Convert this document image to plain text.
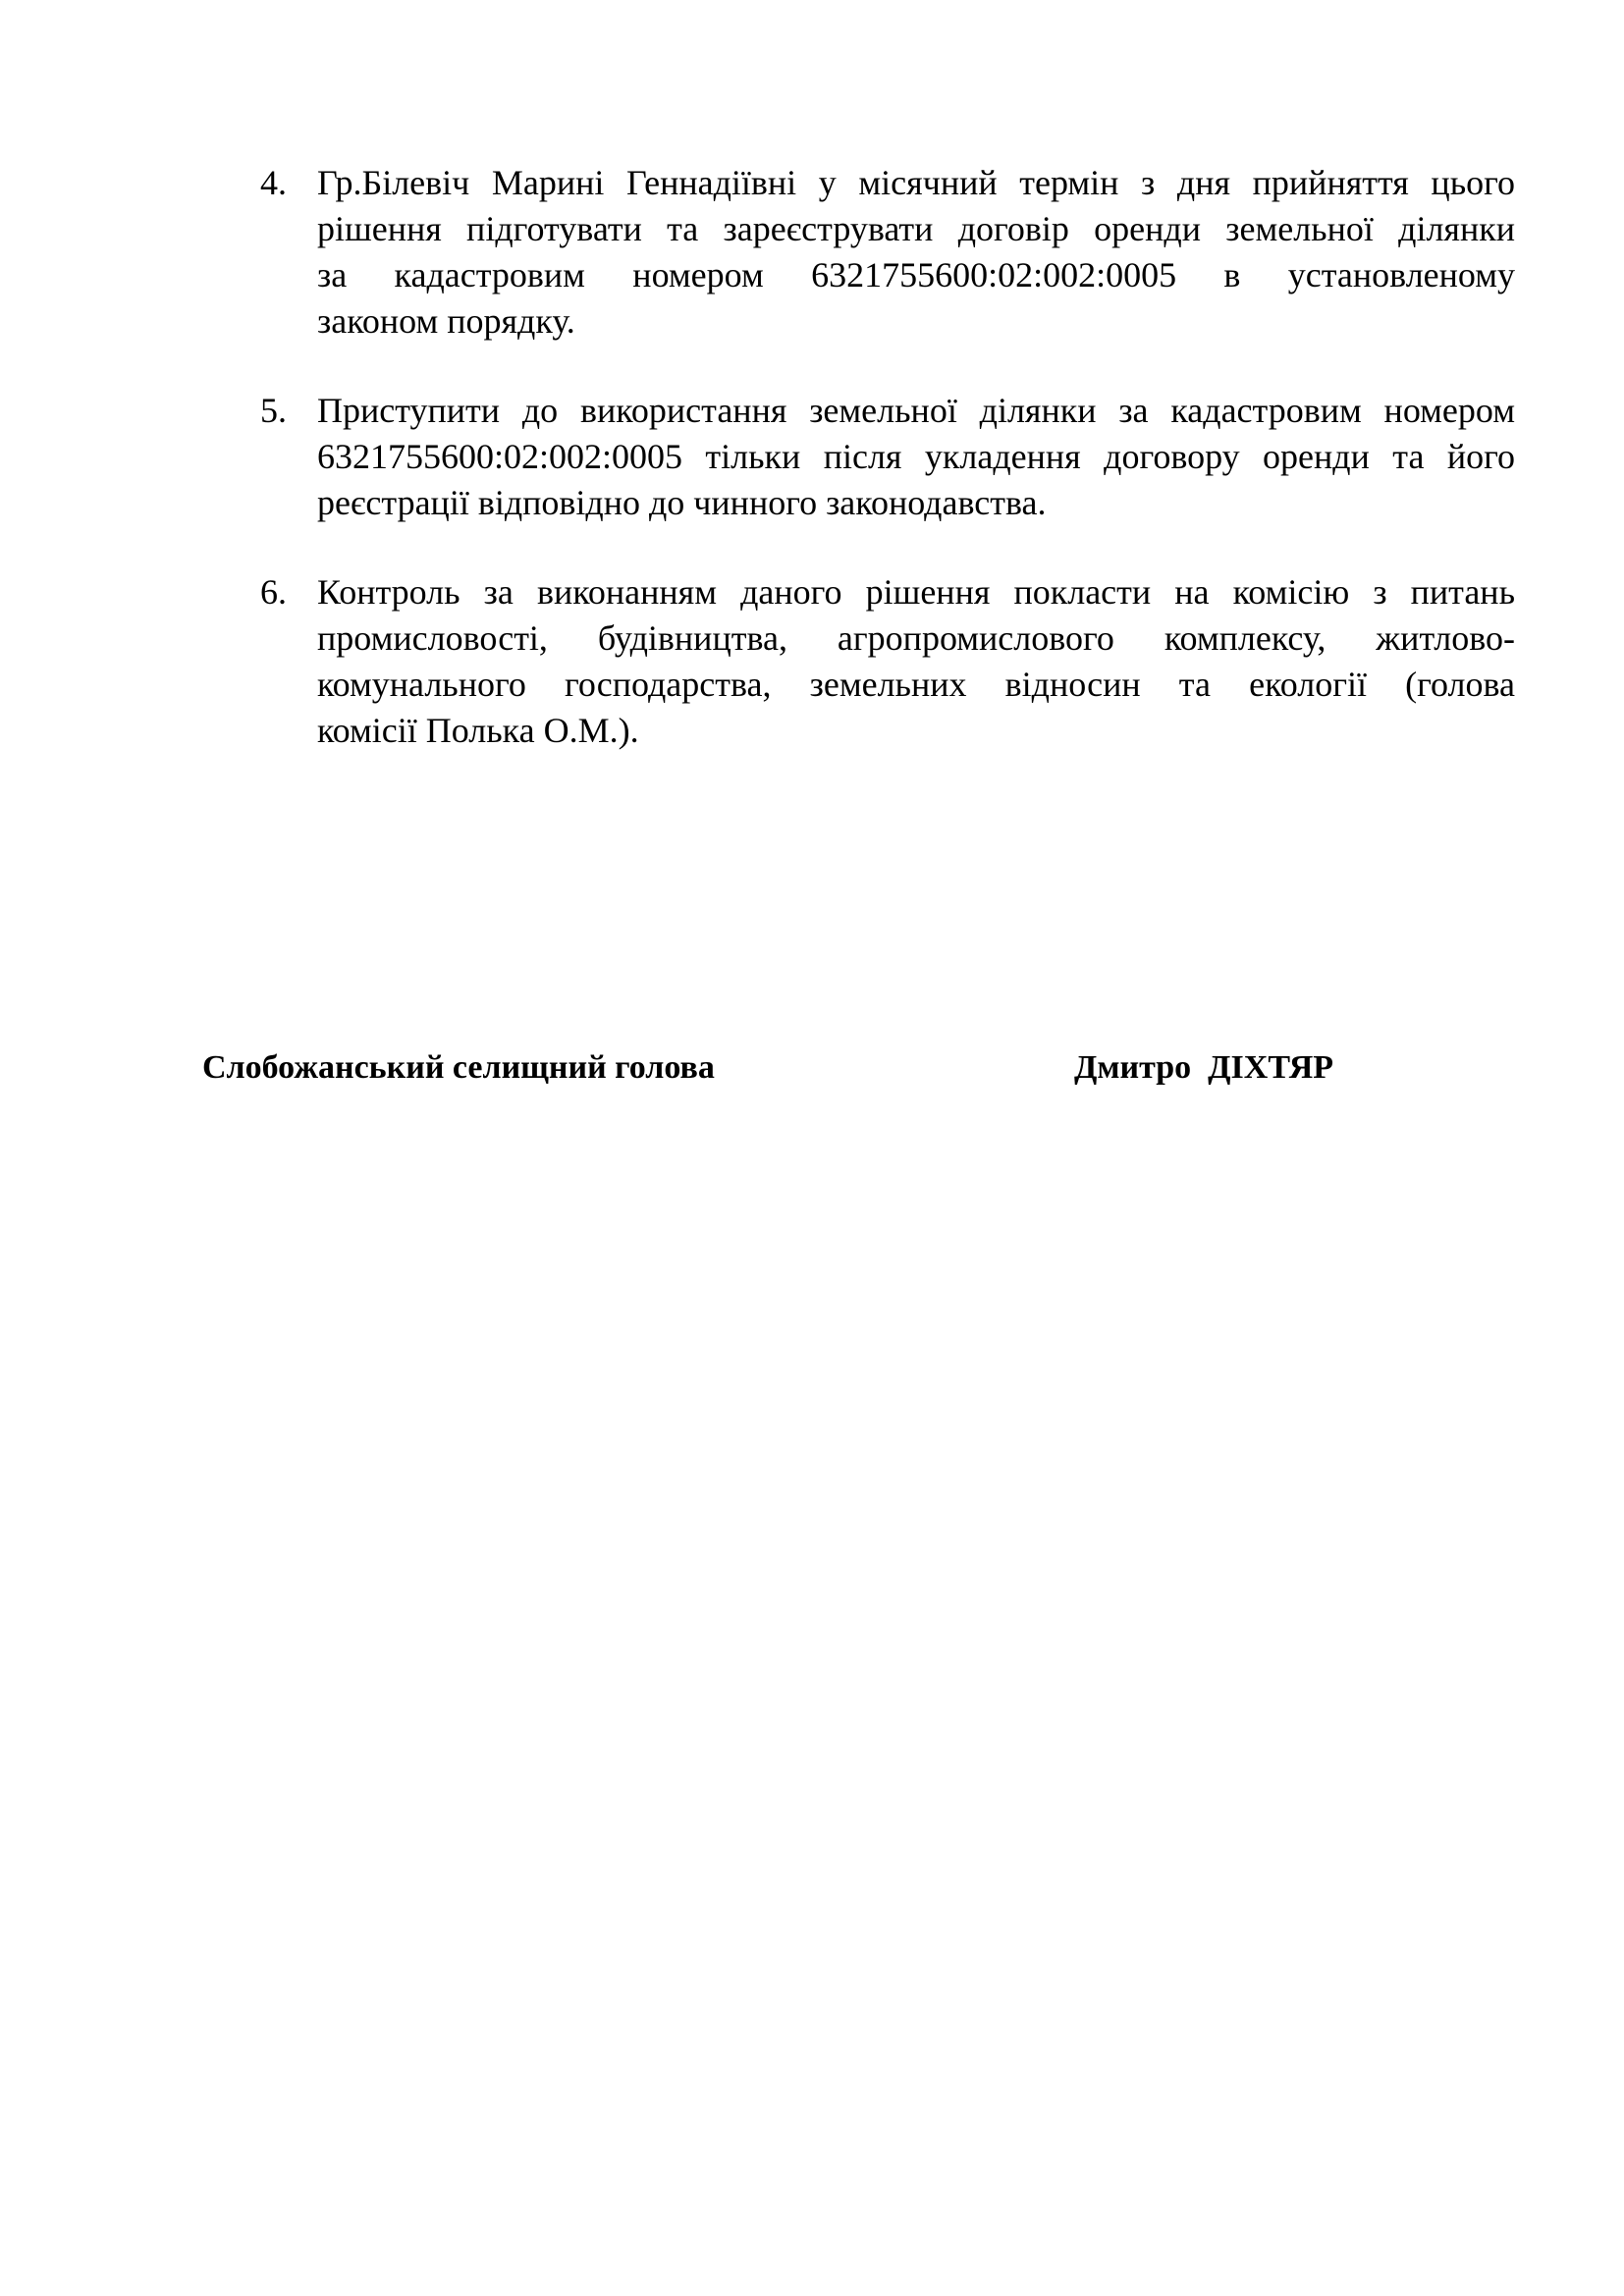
4. Гр.Білевіч Марині Геннадіївні у місячний термін з дня прийняття цього
рішення підготувати та зареєструвати договір оренди земельної ділянки
за кадастровим номером 6321755600:02:002:0005 в установленому
законом порядку.
5. Приступити до використання земельної ділянки за кадастровим номером
6321755600:02:002:0005 тільки після укладення договору оренди та його
реєстрації відповідно до чинного законодавства.
6. Контроль за виконанням даного рішення покласти на комісію з питань
промисловості, будівництва, агропромислового комплексу, житлово-
комунального господарства, земельних відносин та екології (голова
комісії Полька О.М.).
Слобожанський селищний голова	Дмитро  ДІХТЯР
